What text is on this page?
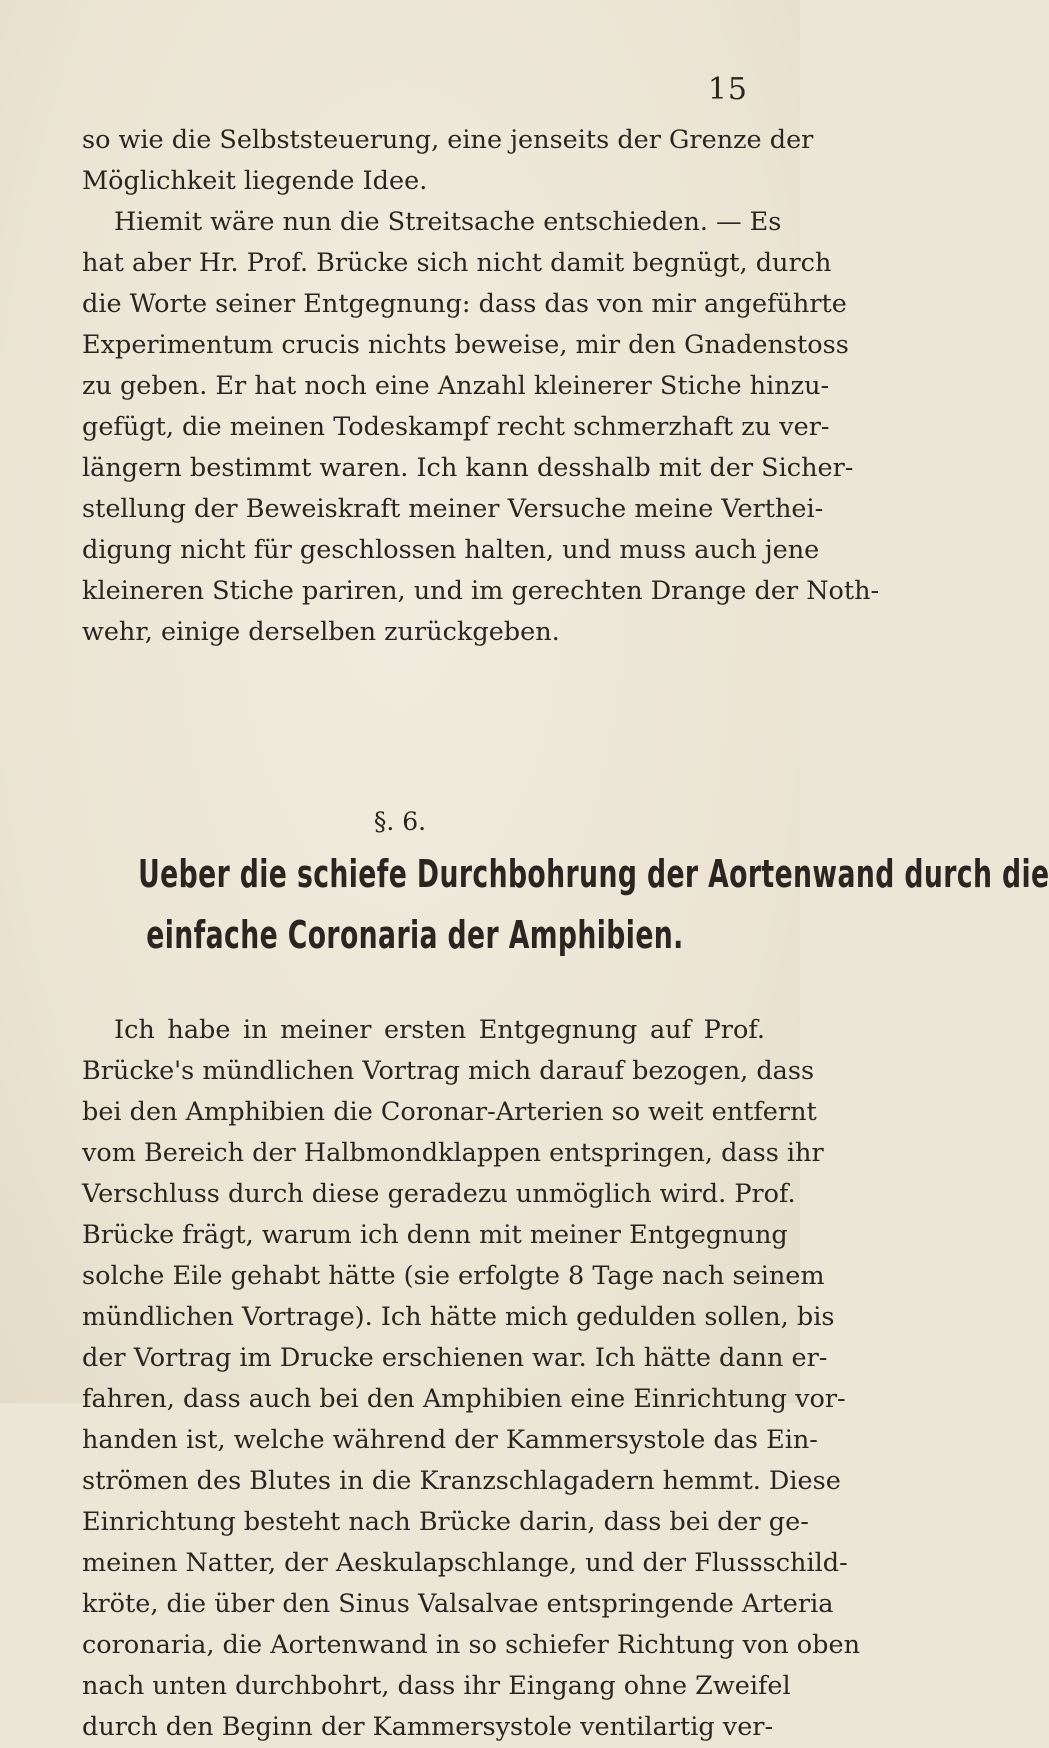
15
so wie die Selbststeuerung, eine jenseits der Grenze der
Möglichkeit liegende Idee.
Hiemit wäre nun die Streitsache entschieden. — Es
hat aber Hr. Prof. Brücke sich nicht damit begnügt, durch
die Worte seiner Entgegnung: dass das von mir angeführte
Experimentum crucis nichts beweise, mir den Gnadenstoss
zu geben. Er hat noch eine Anzahl kleinerer Stiche hinzu-
gefügt, die meinen Todeskampf recht schmerzhaft zu ver-
längern bestimmt waren. Ich kann desshalb mit der Sicher-
stellung der Beweiskraft meiner Versuche meine Verthei-
digung nicht für geschlossen halten, und muss auch jene
kleineren Stiche pariren, und im gerechten Drange der Noth-
wehr, einige derselben zurückgeben.
§. 6.
Ueber die schiefe Durchbohrung der Aortenwand durch die
einfache Coronaria der Amphibien.
Ich habe in meiner ersten Entgegnung auf Prof.
Brücke's mündlichen Vortrag mich darauf bezogen, dass
bei den Amphibien die Coronar-Arterien so weit entfernt
vom Bereich der Halbmondklappen entspringen, dass ihr
Verschluss durch diese geradezu unmöglich wird. Prof.
Brücke frägt, warum ich denn mit meiner Entgegnung
solche Eile gehabt hätte (sie erfolgte 8 Tage nach seinem
mündlichen Vortrage). Ich hätte mich gedulden sollen, bis
der Vortrag im Drucke erschienen war. Ich hätte dann er-
fahren, dass auch bei den Amphibien eine Einrichtung vor-
handen ist, welche während der Kammersystole das Ein-
strömen des Blutes in die Kranzschlagadern hemmt. Diese
Einrichtung besteht nach Brücke darin, dass bei der ge-
meinen Natter, der Aeskulapschlange, und der Flussschild-
kröte, die über den Sinus Valsalvae entspringende Arteria
coronaria, die Aortenwand in so schiefer Richtung von oben
nach unten durchbohrt, dass ihr Eingang ohne Zweifel
durch den Beginn der Kammersystole ventilartig ver-
